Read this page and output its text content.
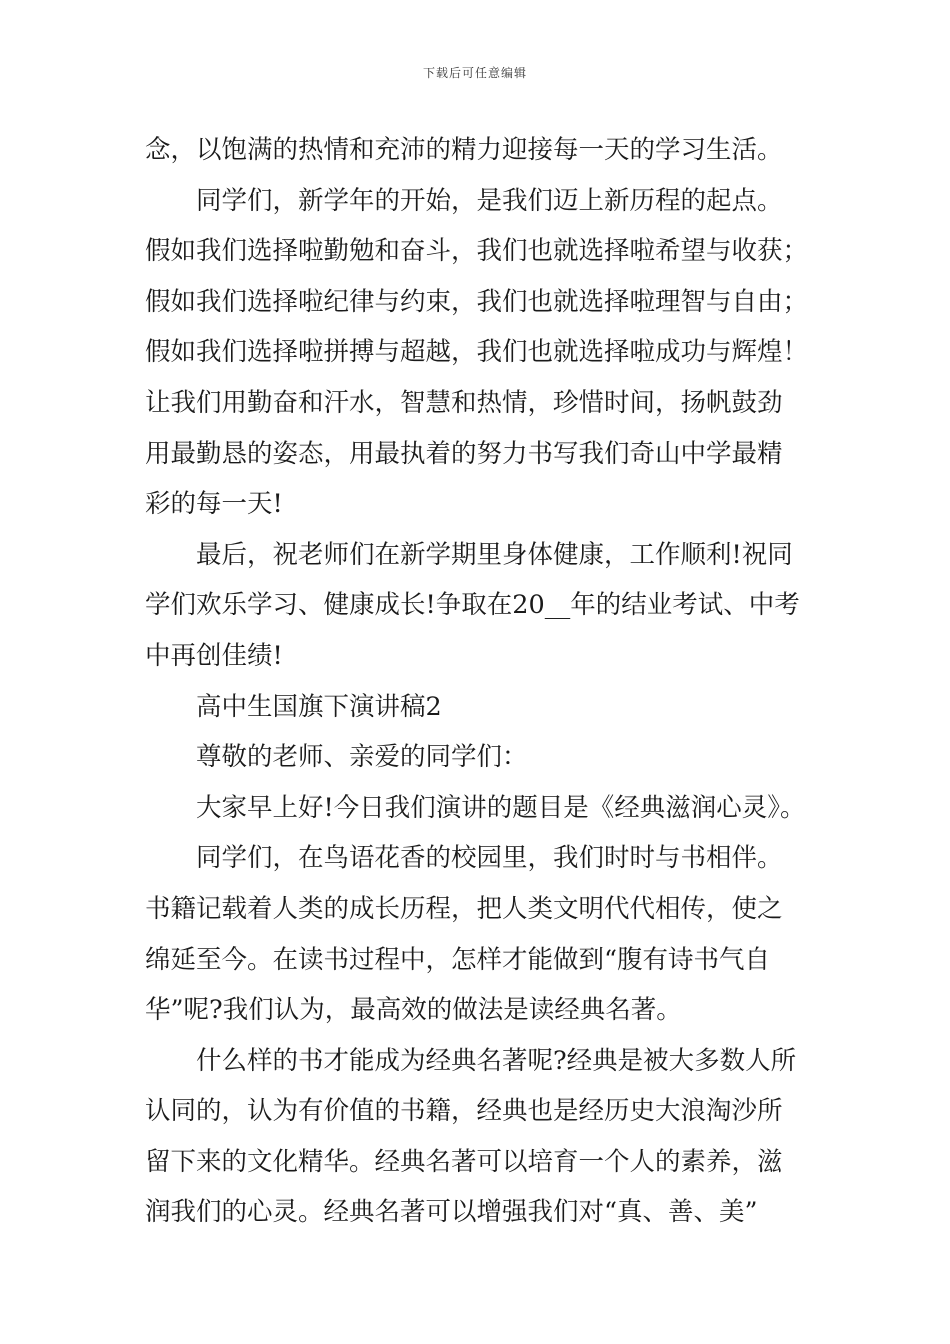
下载后可任意编辑
念，以饱满的热情和充沛的精力迎接每一天的学习生活。
同学们，新学年的开始，是我们迈上新历程的起点。
假如我们选择啦勤勉和奋斗，我们也就选择啦希望与收获；
假如我们选择啦纪律与约束，我们也就选择啦理智与自由；
假如我们选择啦拼搏与超越，我们也就选择啦成功与辉煌！
让我们用勤奋和汗水，智慧和热情，珍惜时间，扬帆鼓劲
用最勤恳的姿态，用最执着的努力书写我们奇山中学最精
彩的每一天!
最后，祝老师们在新学期里身体健康，工作顺利!祝同
学们欢乐学习、健康成长!争取在20__年的结业考试、中考
中再创佳绩!
高中生国旗下演讲稿2
尊敬的老师、亲爱的同学们：
大家早上好!今日我们演讲的题目是《经典滋润心灵》。
同学们，在鸟语花香的校园里，我们时时与书相伴。
书籍记载着人类的成长历程，把人类文明代代相传，使之
绵延至今。在读书过程中，怎样才能做到“腹有诗书气自
华”呢?我们认为，最高效的做法是读经典名著。
什么样的书才能成为经典名著呢?经典是被大多数人所
认同的，认为有价值的书籍，经典也是经历史大浪淘沙所
留下来的文化精华。经典名著可以培育一个人的素养，滋
润我们的心灵。经典名著可以增强我们对“真、善、美”
